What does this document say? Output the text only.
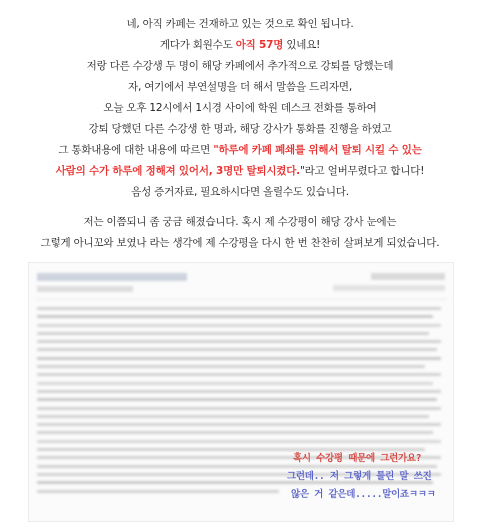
네, 아직 카페는 건재하고 있는 것으로 확인 됩니다.

게다가 회원수도 아직 57명 있네요!

저랑 다른 수강생 두 명이 해당 카페에서 추가적으로 강퇴를 당했는데

자, 여기에서 부연설명을 더 해서 말씀을 드리자면,

오늘 오후 12시에서 1시경 사이에 학원 데스크 전화를 통하여

강퇴 당했던 다른 수강생 한 명과, 해당 강사가 통화를 진행을 하였고

그 통화내용에 대한 내용에 따르면 "하루에 카페 폐쇄를 위해서 탈퇴 시킬 수 있는

사람의 수가 하루에 정해져 있어서, 3명만 탈퇴시켰다."라고 얼버무렸다고 합니다!

음성 증거자료, 필요하시다면 올릴수도 있습니다.

저는 이쯤되니 좀 궁금 해졌습니다. 혹시 제 수강평이 해당 강사 눈에는

그렇게 아니꼬와 보였나 라는 생각에 제 수강평을 다시 한 번 찬찬히 살펴보게 되었습니다.

혹시 수강평 때문에 그런가요?

그런데.. 저 그렇게 틀린 말 쓰진

않은 거 같은데.....말이죠ㅋㅋㅋ
